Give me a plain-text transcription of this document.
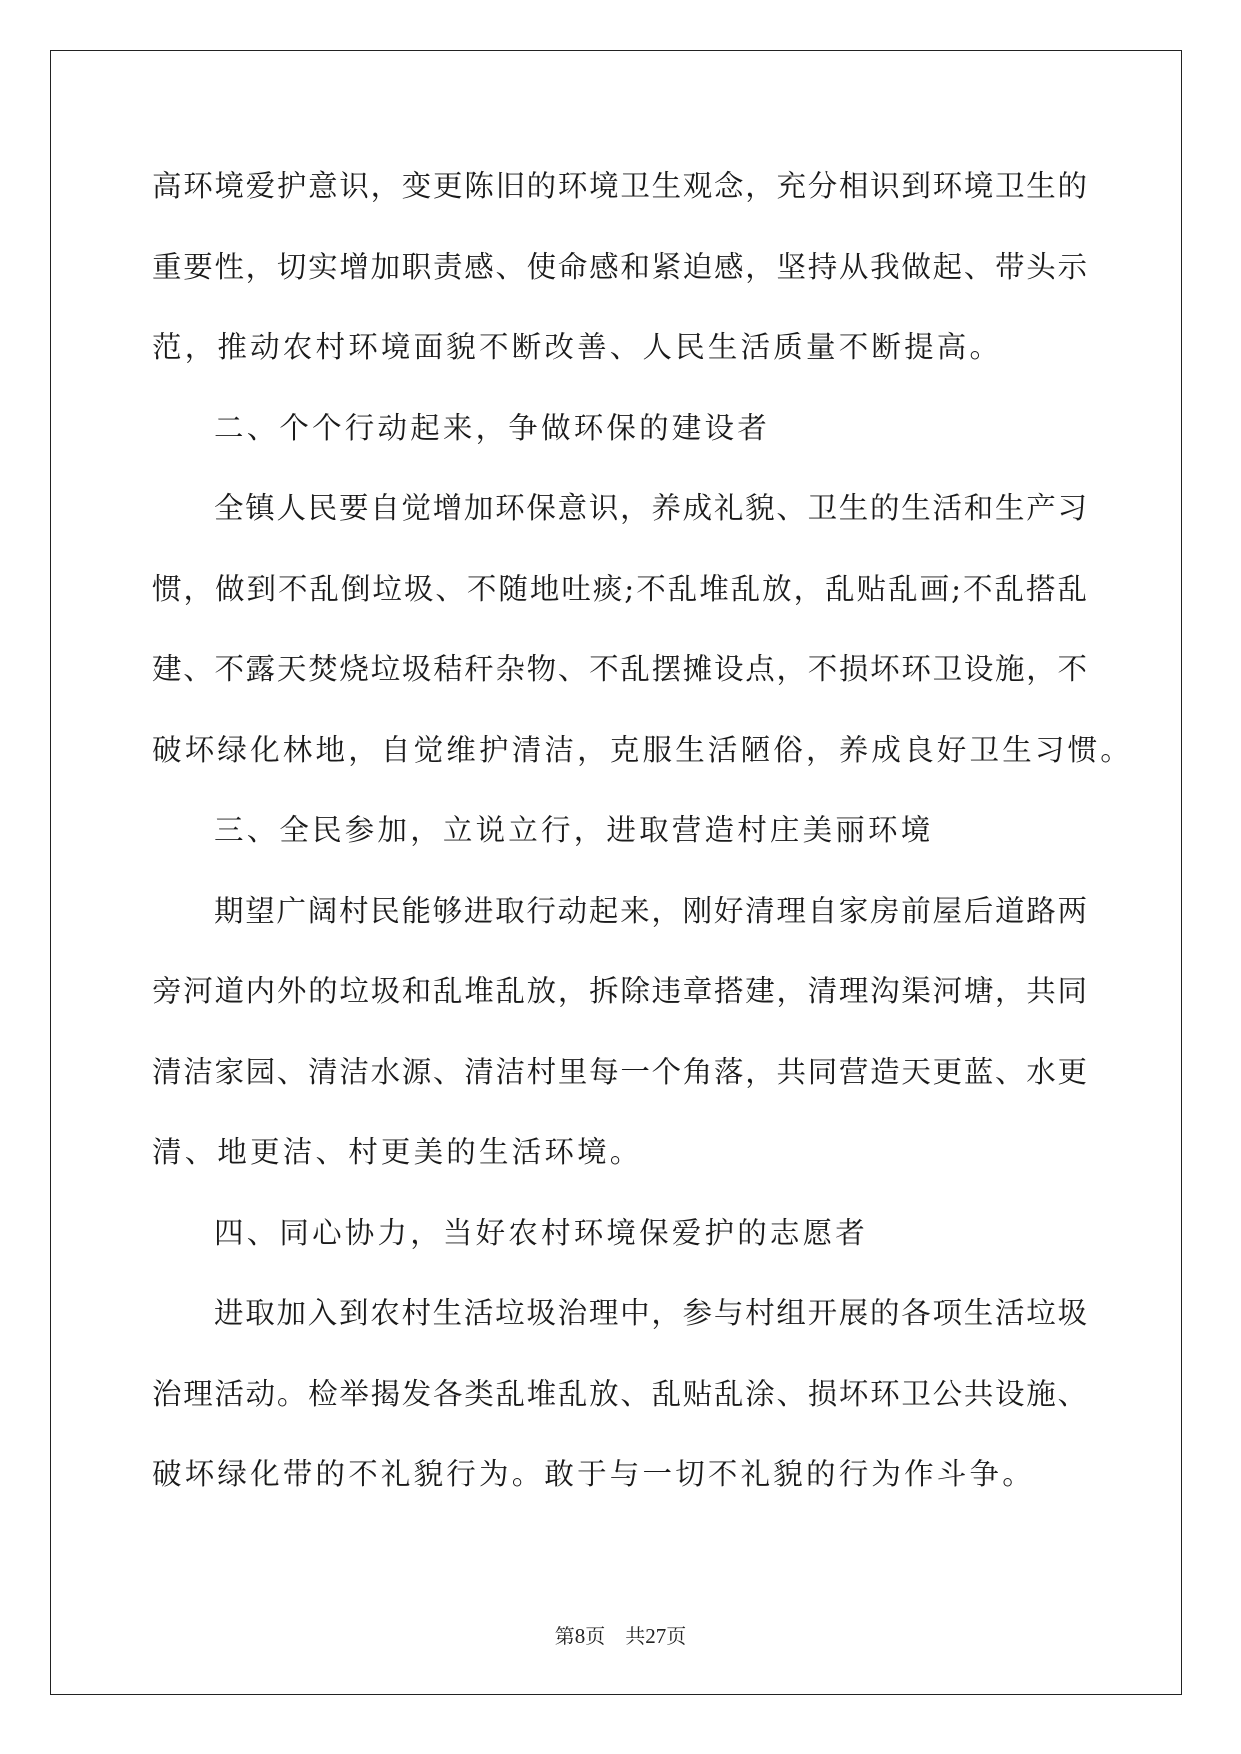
高环境爱护意识，变更陈旧的环境卫生观念，充分相识到环境卫生的
重要性，切实增加职责感、使命感和紧迫感，坚持从我做起、带头示
范，推动农村环境面貌不断改善、人民生活质量不断提高。
二、个个行动起来，争做环保的建设者
全镇人民要自觉增加环保意识，养成礼貌、卫生的生活和生产习
惯，做到不乱倒垃圾、不随地吐痰;不乱堆乱放，乱贴乱画;不乱搭乱
建、不露天焚烧垃圾秸秆杂物、不乱摆摊设点，不损坏环卫设施，不
破坏绿化林地，自觉维护清洁，克服生活陋俗，养成良好卫生习惯。
三、全民参加，立说立行，进取营造村庄美丽环境
期望广阔村民能够进取行动起来，刚好清理自家房前屋后道路两
旁河道内外的垃圾和乱堆乱放，拆除违章搭建，清理沟渠河塘，共同
清洁家园、清洁水源、清洁村里每一个角落，共同营造天更蓝、水更
清、地更洁、村更美的生活环境。
四、同心协力，当好农村环境保爱护的志愿者
进取加入到农村生活垃圾治理中，参与村组开展的各项生活垃圾
治理活动。检举揭发各类乱堆乱放、乱贴乱涂、损坏环卫公共设施、
破坏绿化带的不礼貌行为。敢于与一切不礼貌的行为作斗争。
第8页 共27页
